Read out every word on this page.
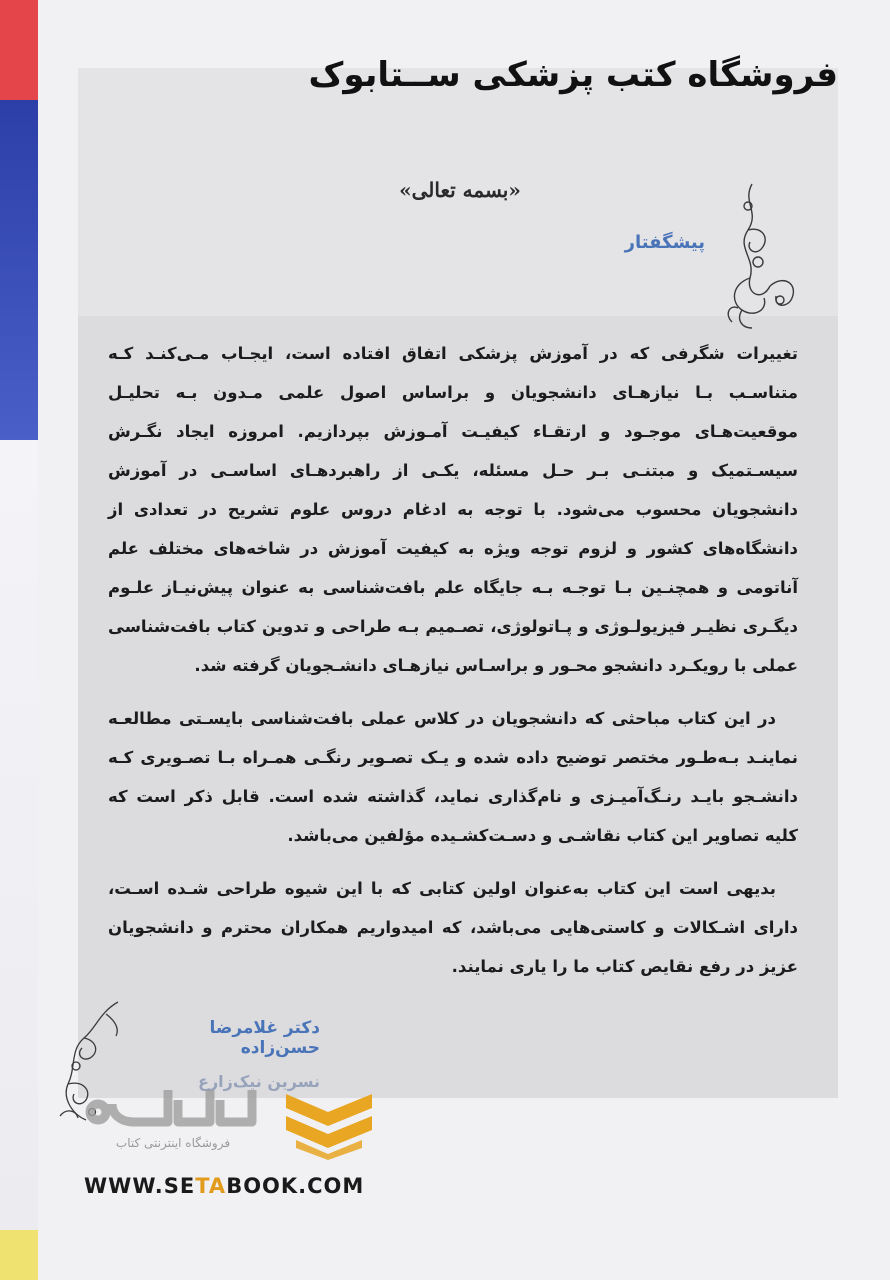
فروشگاه کتب پزشکی ســتابوک
«بسمه تعالی»
پیشگفتار

تغییرات شگرفی که در آموزش پزشکی اتفاق افتاده است، ایجـاب مـی‌کنـد کـه متناسـب بـا نیازهـای دانشجویان و براساس اصول علمی مـدون بـه تحلیـل موقعیت‌هـای موجـود و ارتقـاء کیفیـت آمـوزش بپردازیم. امروزه ایجاد نگـرش سیسـتمیک و مبتنـی بـر حـل مسئله، یکـی از راهبردهـای اساسـی در آموزش دانشجویان محسوب می‌شود. با توجه به ادغام دروس علوم تشریح در تعدادی از دانشگاه‌های کشور و لزوم توجه ویژه به کیفیت آموزش در شاخه‌های مختلف علم آناتومی و همچنـین بـا توجـه بـه جایگاه علم بافت‌شناسی به عنوان پیش‌نیـاز علـوم دیگـری نظیـر فیزیولـوژی و پـاتولوژی، تصـمیم بـه طراحی و تدوین کتاب بافت‌شناسی عملی با رویکـرد دانشجو محـور و براسـاس نیازهـای دانشـجویان گرفته شد.

در این کتاب مباحثی که دانشجویان در کلاس عملی بافت‌شناسی بایسـتی مطالعـه نماینـد بـه‌طـور مختصر توضیح داده شده و یـک تصـویر رنگـی همـراه بـا تصـویری کـه دانشـجو بایـد رنـگ‌آمیـزی و نام‌گذاری نماید، گذاشته شده است. قابل ذکر است که کلیه تصاویر این کتاب نقاشـی و دسـت‌کشـیده مؤلفین می‌باشد.

بدیهی است این کتاب به‌عنوان اولین کتابی که با این شیوه طراحی شـده اسـت، دارای اشـکالات و کاستی‌هایی می‌باشد، که امیدواریم همکاران محترم و دانشجویان عزیز در رفع نقایص کتاب ما را یاری نمایند.

دکتر غلامرضا حسن‌زاده
نسرین نیک‌زارع
فروشگاه اینترنتی کتاب
WWW.SETABOOK.COM
